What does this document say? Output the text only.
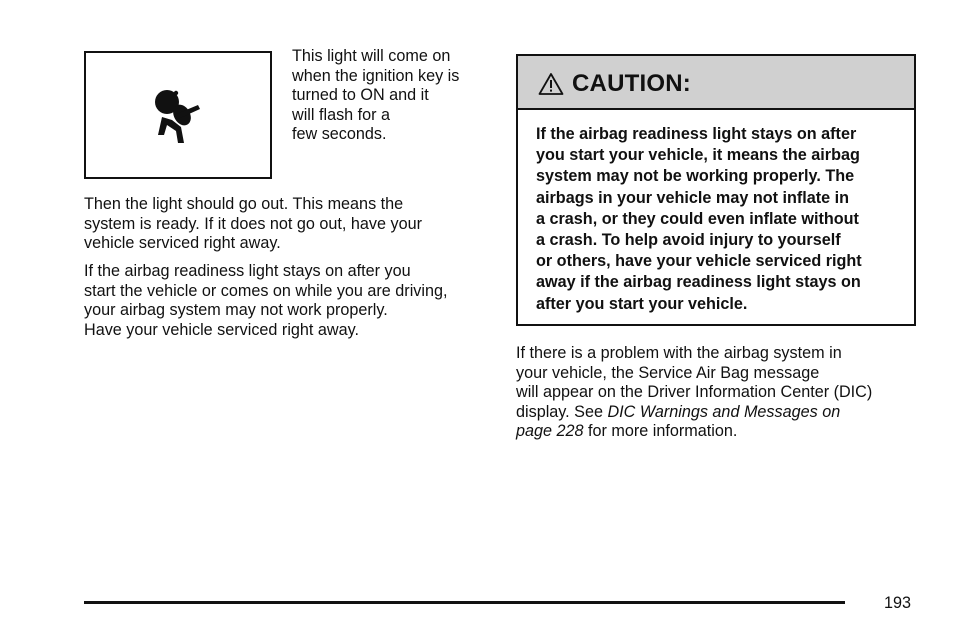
This light will come on
when the ignition key is
turned to ON and it
will flash for a
few seconds.
Then the light should go out. This means the
system is ready. If it does not go out, have your
vehicle serviced right away.
If the airbag readiness light stays on after you
start the vehicle or comes on while you are driving,
your airbag system may not work properly.
Have your vehicle serviced right away.
CAUTION:
If the airbag readiness light stays on after
you start your vehicle, it means the airbag
system may not be working properly. The
airbags in your vehicle may not inflate in
a crash, or they could even inflate without
a crash. To help avoid injury to yourself
or others, have your vehicle serviced right
away if the airbag readiness light stays on
after you start your vehicle.
If there is a problem with the airbag system in
your vehicle, the Service Air Bag message
will appear on the Driver Information Center (DIC)
display. See DIC Warnings and Messages on
page 228 for more information.
193
